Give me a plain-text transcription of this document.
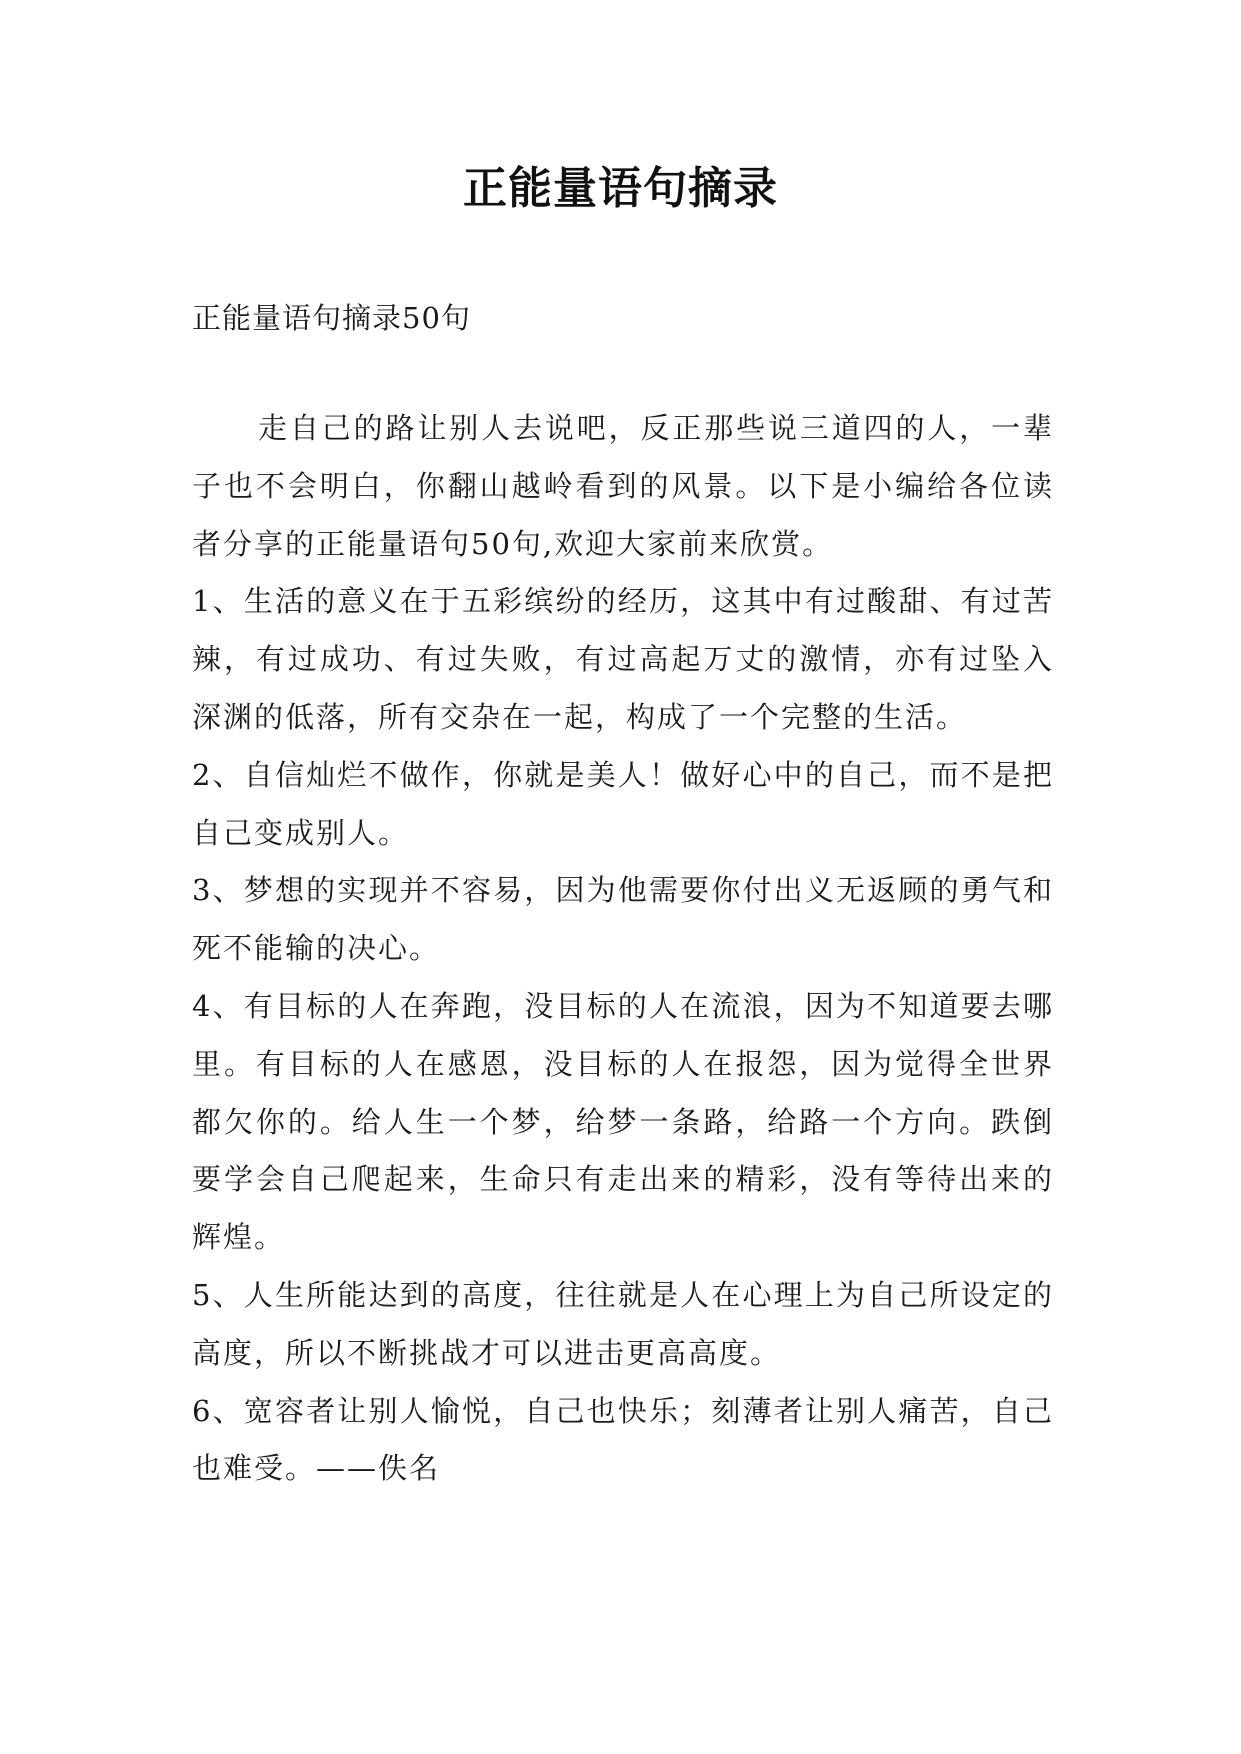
正能量语句摘录
正能量语句摘录50句

走自己的路让别人去说吧，反正那些说三道四的人，一辈子也不会明白，你翻山越岭看到的风景。以下是小编给各位读者分享的正能量语句50句,欢迎大家前来欣赏。

1、生活的意义在于五彩缤纷的经历，这其中有过酸甜、有过苦辣，有过成功、有过失败，有过高起万丈的激情，亦有过坠入深渊的低落，所有交杂在一起，构成了一个完整的生活。

2、自信灿烂不做作，你就是美人！做好心中的自己，而不是把自己变成别人。

3、梦想的实现并不容易，因为他需要你付出义无返顾的勇气和死不能输的决心。

4、有目标的人在奔跑，没目标的人在流浪，因为不知道要去哪里。有目标的人在感恩，没目标的人在报怨，因为觉得全世界都欠你的。给人生一个梦，给梦一条路，给路一个方向。跌倒要学会自己爬起来，生命只有走出来的精彩，没有等待出来的辉煌。

5、人生所能达到的高度，往往就是人在心理上为自己所设定的高度，所以不断挑战才可以进击更高高度。

6、宽容者让别人愉悦，自己也快乐；刻薄者让别人痛苦，自己也难受。——佚名
